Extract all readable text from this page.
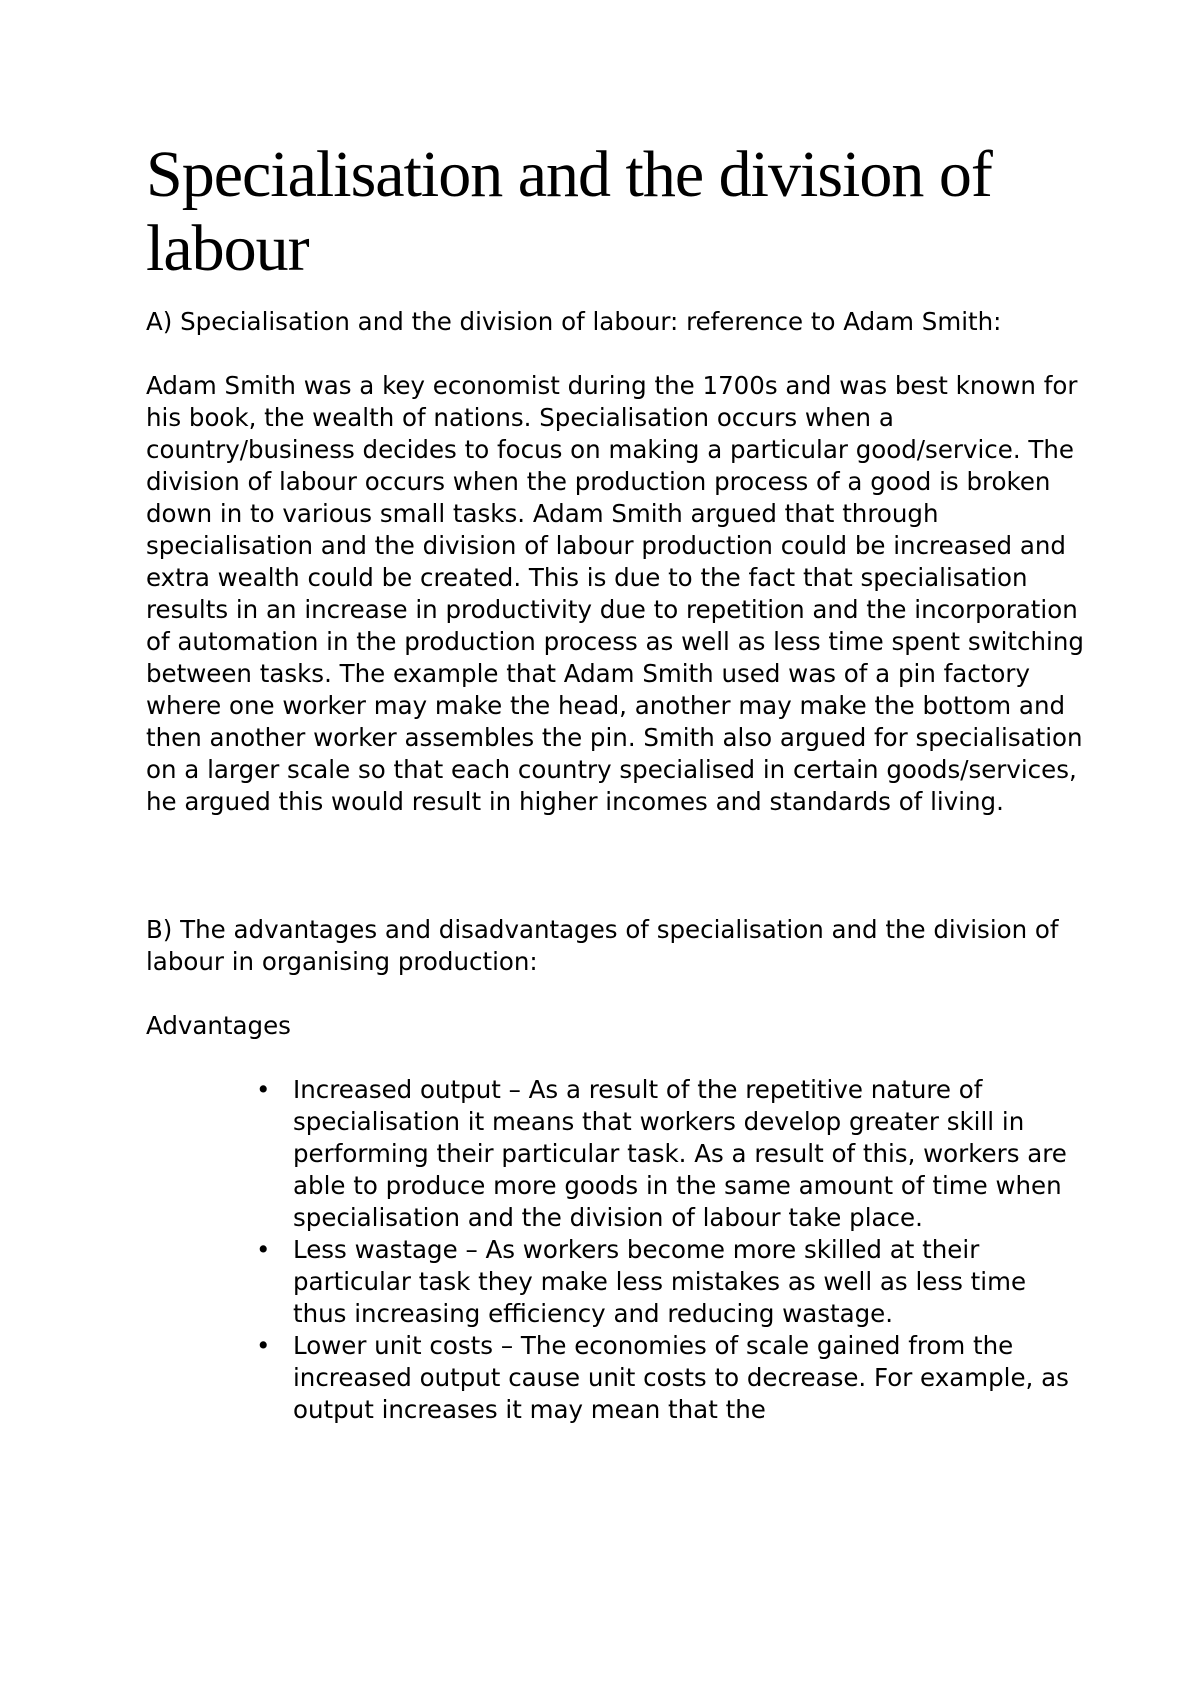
Specialisation and the division of labour

A) Specialisation and the division of labour: reference to Adam Smith:

Adam Smith was a key economist during the 1700s and was best known for his book, the wealth of nations. Specialisation occurs when a country/business decides to focus on making a particular good/service. The division of labour occurs when the production process of a good is broken down in to various small tasks. Adam Smith argued that through specialisation and the division of labour production could be increased and extra wealth could be created. This is due to the fact that specialisation results in an increase in productivity due to repetition and the incorporation of automation in the production process as well as less time spent switching between tasks. The example that Adam Smith used was of a pin factory where one worker may make the head, another may make the bottom and then another worker assembles the pin. Smith also argued for specialisation on a larger scale so that each country specialised in certain goods/services, he argued this would result in higher incomes and standards of living.

B) The advantages and disadvantages of specialisation and the division of labour in organising production:

Advantages

• Increased output – As a result of the repetitive nature of specialisation it means that workers develop greater skill in performing their particular task. As a result of this, workers are able to produce more goods in the same amount of time when specialisation and the division of labour take place.
• Less wastage – As workers become more skilled at their particular task they make less mistakes as well as less time thus increasing efficiency and reducing wastage.
• Lower unit costs – The economies of scale gained from the increased output cause unit costs to decrease. For example, as output increases it may mean that the
